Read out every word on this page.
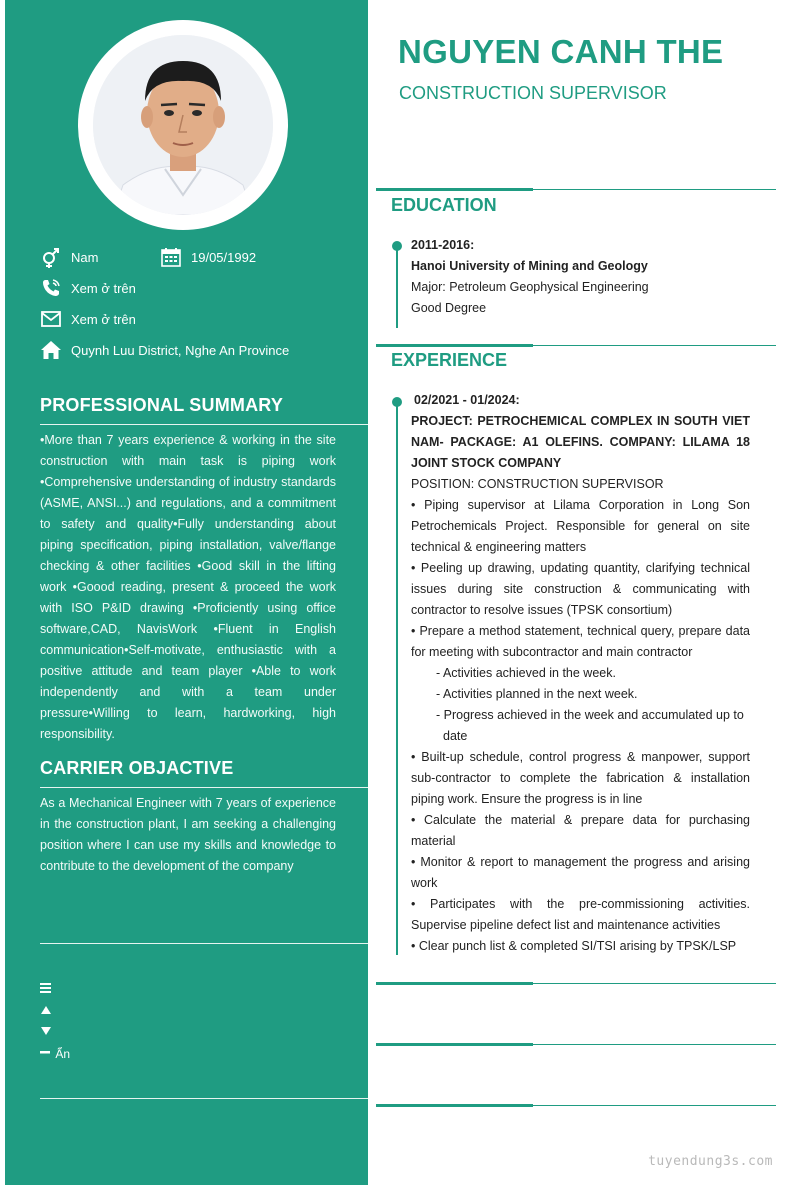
Nam	19/05/1992
Xem ở trên
Xem ở trên
Quynh Luu District, Nghe An Province
PROFESSIONAL SUMMARY
•More than 7 years experience & working in the site construction with main task is piping work •Comprehensive understanding of industry standards (ASME, ANSI...) and regulations, and a commitment to safety and quality•Fully understanding about piping specification, piping installation, valve/flange checking & other facilities •Good skill in the lifting work •Goood reading, present & proceed the work with ISO P&ID drawing •Proficiently using office software,CAD, NavisWork •Fluent in English communication•Self-motivate, enthusiastic with a positive attitude and team player •Able to work independently and with a team under pressure•Willing to learn, hardworking, high responsibility.
CARRIER OBJACTIVE
As a Mechanical Engineer with 7 years of experience in the construction plant, I am seeking a challenging position where I can use my skills and knowledge to contribute to the development of the company
Ẩn
NGUYEN CANH THE
CONSTRUCTION SUPERVISOR
EDUCATION
2011-2016:
Hanoi University of Mining and Geology
Major: Petroleum Geophysical Engineering
Good Degree
EXPERIENCE
02/2021 - 01/2024:
PROJECT: PETROCHEMICAL COMPLEX IN SOUTH VIET NAM- PACKAGE: A1 OLEFINS. COMPANY: LILAMA 18 JOINT STOCK COMPANY
POSITION: CONSTRUCTION SUPERVISOR
• Piping supervisor at Lilama Corporation in Long Son Petrochemicals Project. Responsible for general on site technical & engineering matters
• Peeling up drawing, updating quantity, clarifying technical issues during site construction & communicating with contractor to resolve issues (TPSK consortium)
• Prepare a method statement, technical query, prepare data for meeting with subcontractor and main contractor
- Activities achieved in the week.
- Activities planned in the next week.
- Progress achieved in the week and accumulated up to date
• Built-up schedule, control progress & manpower, support sub-contractor to complete the fabrication & installation piping work. Ensure the progress is in line
• Calculate the material & prepare data for purchasing material
• Monitor & report to management the progress and arising work
• Participates with the pre-commissioning activities. Supervise pipeline defect list and maintenance activities
• Clear punch list & completed SI/TSI arising by TPSK/LSP
tuyendung3s.com
